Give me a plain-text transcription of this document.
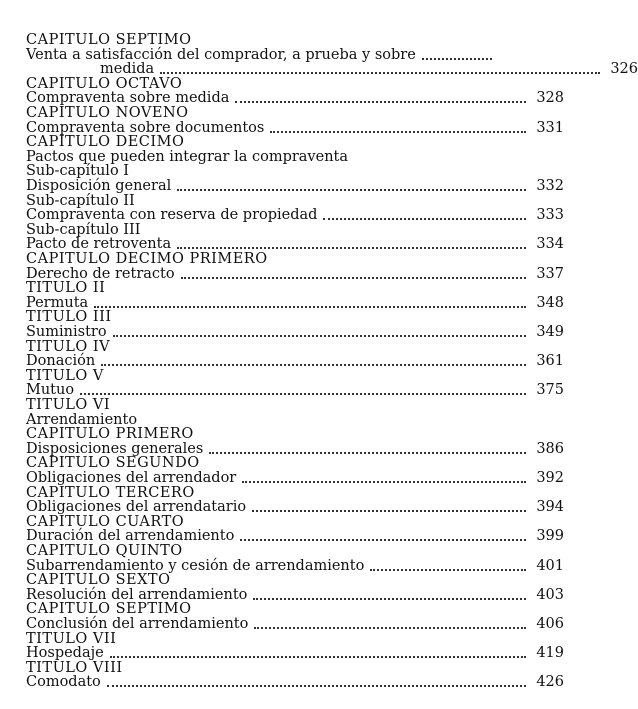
CAPITULO SEPTIMO
Venta a satisfacción del comprador, a prueba y sobre
medida	326
CAPITULO OCTAVO
Compraventa sobre medida	328
CAPITULO NOVENO
Compraventa sobre documentos	331
CAPITULO DECIMO
Pactos que pueden integrar la compraventa
Sub-capítulo I
Disposición general	332
Sub-capítulo II
Compraventa con reserva de propiedad	333
Sub-capítulo III
Pacto de retroventa	334
CAPITULO DECIMO PRIMERO
Derecho de retracto	337
TITULO II
Permuta	348
TITULO III
Suministro	349
TITULO IV
Donación	361
TITULO V
Mutuo	375
TITULO VI
Arrendamiento
CAPITULO PRIMERO
Disposiciones generales	386
CAPITULO SEGUNDO
Obligaciones del arrendador	392
CAPITULO TERCERO
Obligaciones del arrendatario	394
CAPITULO CUARTO
Duración del arrendamiento	399
CAPITULO QUINTO
Subarrendamiento y cesión de arrendamiento	401
CAPITULO SEXTO
Resolución del arrendamiento	403
CAPITULO SEPTIMO
Conclusión del arrendamiento	406
TITULO VII
Hospedaje	419
TITULO VIII
Comodato	426
